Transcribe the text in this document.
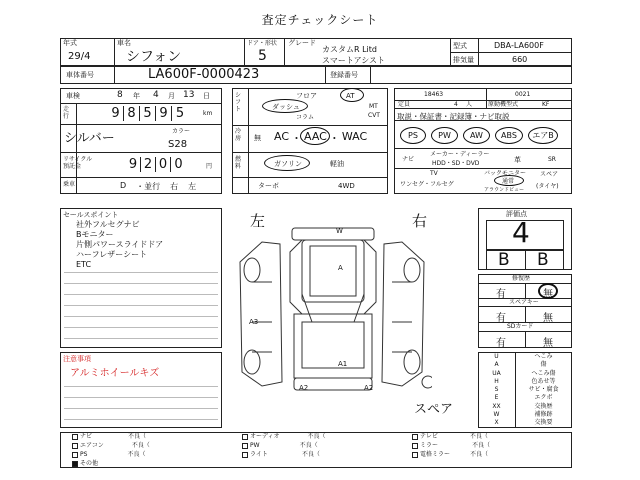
査定チェックシート
年式
29/4
車名
シフォン
ドア・形状
5
グレード
カスタムR Litd
スマートアシスト
型式	DBA-LA600F
排気量	660
車体番号	LA600F-0000423	登録番号
車検	8 年 4 月 13 日
走行	9 8 5 9 5	km
シルバー	カラー
S28
リサイクル預託金	9 2 0 0	円
乗車	D ・並行 右 左
シフト
フロア	AT
ダッシュ
コラム
MT
CVT
冷房	無 AC ・ AAC ・ WAC
燃料	ガソリン	軽油
ターボ	4WD
18463	0021
定員	4 人	原動機型式	KF
取説・保証書・記録簿・ナビ取説
PS	PW	AW	ABS	エアB
ナビ
メーカー・ディーラー
HDD・SD・DVD	革	SR
TV
ワンセグ・フルセグ
バックモニター
通常
アラウンドビュー
スペア
(タイヤ)
セールスポイント
社外フルセグナビ
Bモニター
片側パワースライドドア
ハーフレザーシート
ETC
注意事項
アルミホイールキズ
左	右
W
A
A3
A1
A2	A2
スペア
評価点
4
B B
修復歴
有	無
スペアキー
有	無
SDカード
有	無
U	へこみ
A	傷
UA	へこみ傷
H	色あせ等
S	サビ・腐食
E	エクボ
XX	交換歴
W	補修跡
X	交換要
ナビ　	不良（	オーディオ　	不良（	テレビ　	不良（
エアコン　	不良（	PW　	不良（	ミラー　	不良（
PS　	不良（	ライト　	不良（	電格ミラー　	不良（
その他
